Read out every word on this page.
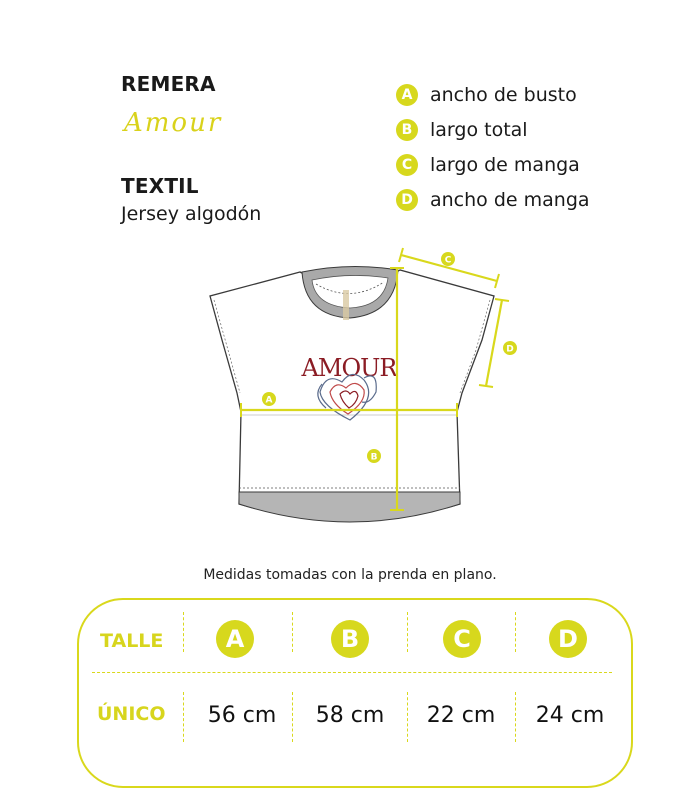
REMERA
Amour
TEXTIL
Jersey algodón
A ancho de busto
B largo total
C largo de manga
D ancho de manga
AMOUR
A
B
C
D
Medidas tomadas con la prenda en plano.
TALLE	A	B	C	D
ÚNICO	56 cm	58 cm	22 cm	24 cm
